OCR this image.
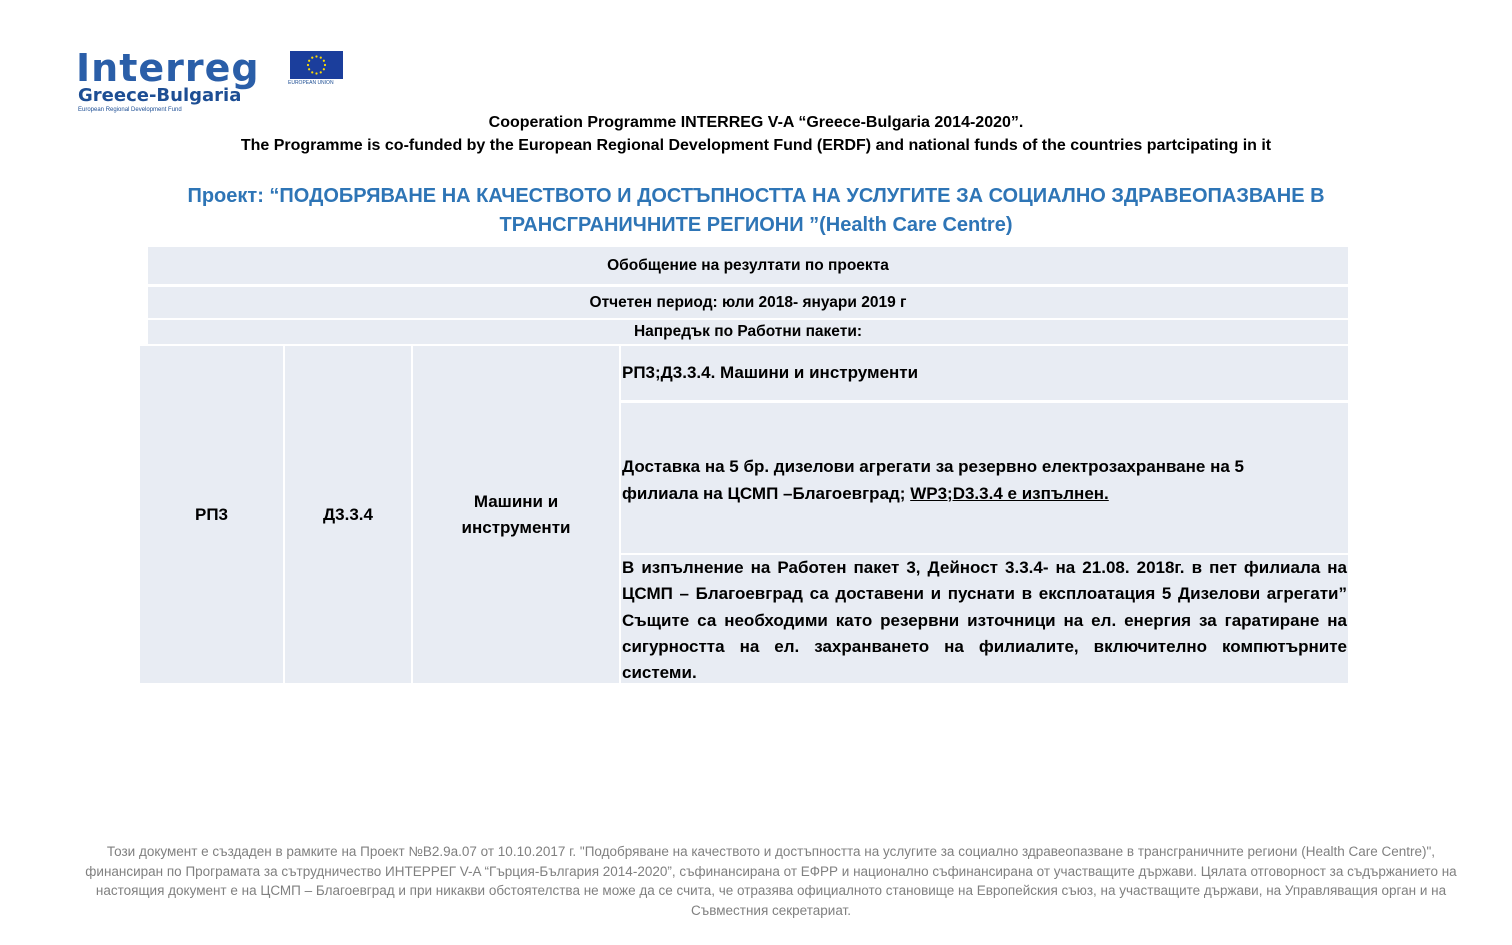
Interreg
Greece-Bulgaria
European Regional Development Fund
EUROPEAN UNION
Cooperation Programme INTERREG V-A “Greece-Bulgaria 2014-2020”.
The Programme is co-funded by the European Regional Development Fund (ERDF) and national funds of the countries partcipating in it
Проект: “ПОДОБРЯВАНЕ НА КАЧЕСТВОТО И ДОСТЪПНОСТТА НА УСЛУГИТЕ ЗА СОЦИАЛНО ЗДРАВЕОПАЗВАНЕ В ТРАНСГРАНИЧНИТЕ РЕГИОНИ ”(Health Care Centre)
Обобщение на резултати по проекта
Отчетен период: юли 2018- януари 2019 г
Напредък по Работни пакети:
РП3	Д3.3.4
Машини и инструменти
РП3;Д3.3.4. Машини и инструменти
Доставка на 5 бр. дизелови агрегати за резервно електрозахранване на 5 филиала на ЦСМП –Благоевград; WP3;D3.3.4 е изпълнен.
В изпълнение на Работен пакет 3, Дейност 3.3.4- на 21.08. 2018г. в пет филиала на ЦСМП – Благоевград са доставени и пуснати в експлоатация 5 Дизелови агрегати” Същите са необходими като резервни източници на ел. енергия за гаратиране на сигурността на ел. захранването на филиалите, включително компютърните системи.
Този документ е създаден в рамките на Проект №B2.9a.07 от 10.10.2017 г. "Подобряване на качеството и достъпността на услугите за социално здравеопазване в трансграничните региони (Health Care Centre)", финансиран по Програмата за сътрудничество ИНТЕРРЕГ V-A “Гърция-България 2014-2020”, съфинансирана от ЕФРР и национално съфинансирана от участващите държави. Цялата отговорност за съдържанието на настоящия документ е на ЦСМП – Благоевград и при никакви обстоятелства не може да се счита, че отразява официалното становище на Европейския съюз, на участващите държави, на Управляващия орган и на Съвместния секретариат.
